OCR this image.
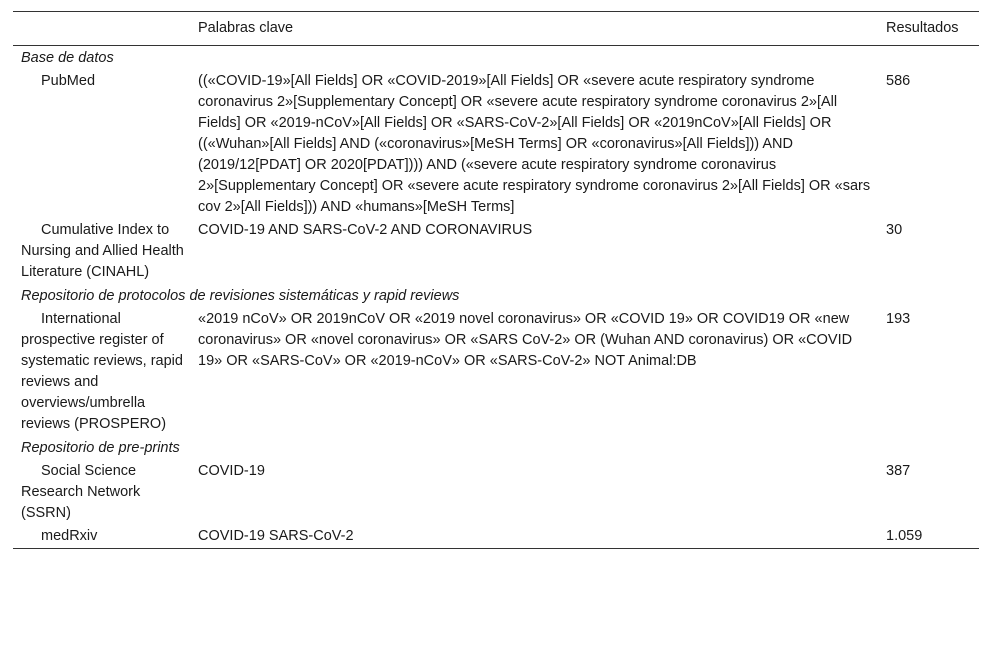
	Palabras clave	Resultados
Base de datos		
PubMed	((«COVID-19»[All Fields] OR «COVID-2019»[All Fields] OR «severe acute respiratory syndrome coronavirus 2»[Supplementary Concept] OR «severe acute respiratory syndrome coronavirus 2»[All Fields] OR «2019-nCoV»[All Fields] OR «SARS-CoV-2»[All Fields] OR «2019nCoV»[All Fields] OR ((«Wuhan»[All Fields] AND («coronavirus»[MeSH Terms] OR «coronavirus»[All Fields])) AND (2019/12[PDAT] OR 2020[PDAT]))) AND («severe acute respiratory syndrome coronavirus 2»[Supplementary Concept] OR «severe acute respiratory syndrome coronavirus 2»[All Fields] OR «sars cov 2»[All Fields])) AND «humans»[MeSH Terms]	586
Cumulative Index to Nursing and Allied Health Literature (CINAHL)	COVID-19 AND SARS-CoV-2 AND CORONAVIRUS	30
Repositorio de protocolos de revisiones sistemáticas y rapid reviews		
International prospective register of systematic reviews, rapid reviews and overviews/umbrella reviews (PROSPERO)	«2019 nCoV» OR 2019nCoV OR «2019 novel coronavirus» OR «COVID 19» OR COVID19 OR «new coronavirus» OR «novel coronavirus» OR «SARS CoV-2» OR (Wuhan AND coronavirus) OR «COVID 19» OR «SARS-CoV» OR «2019-nCoV» OR «SARS-CoV-2» NOT Animal:DB	193
Repositorio de pre-prints		
Social Science Research Network (SSRN)	COVID-19	387
medRxiv	COVID-19 SARS-CoV-2	1.059
